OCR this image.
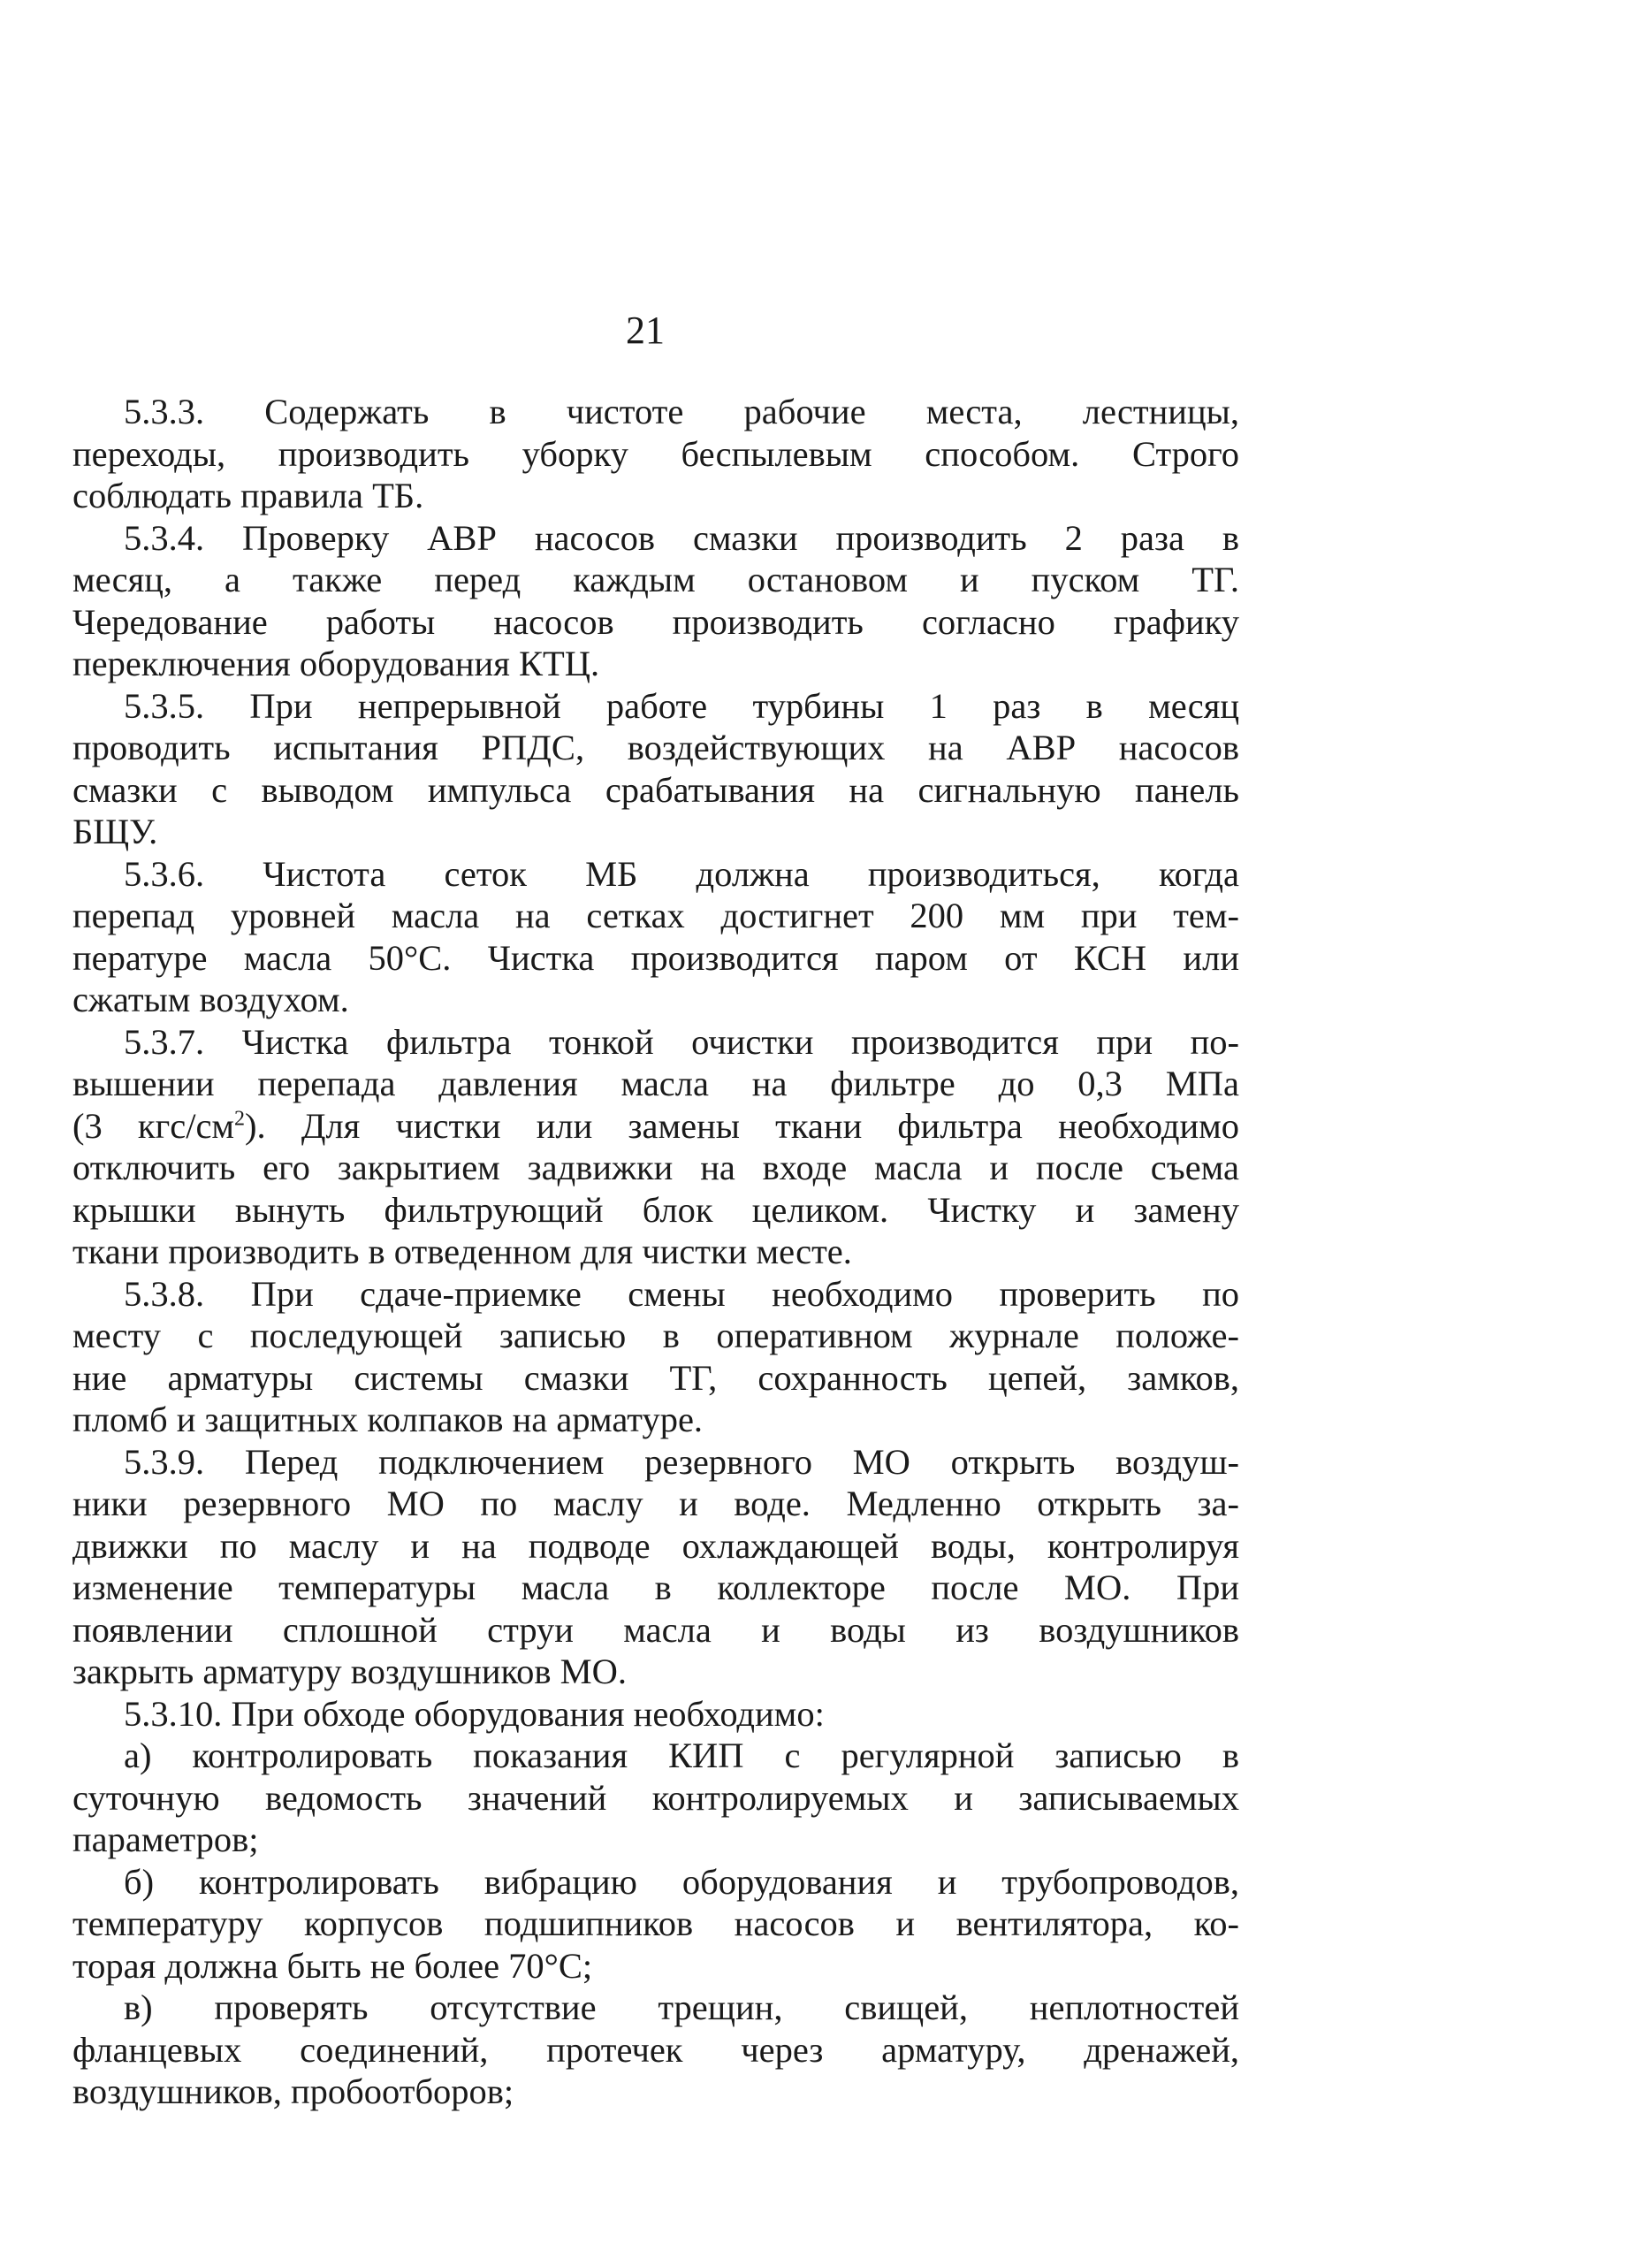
21
5.3.3. Содержать в чистоте рабочие места, лестницы,
переходы, производить уборку беспылевым способом. Строго
соблюдать правила ТБ.
5.3.4. Проверку АВР насосов смазки производить 2 раза в
месяц, а также перед каждым остановом и пуском ТГ.
Чередование работы насосов производить согласно графику
переключения оборудования КТЦ.
5.3.5. При непрерывной работе турбины 1 раз в месяц
проводить испытания РПДС, воздействующих на АВР насосов
смазки с выводом импульса срабатывания на сигнальную панель
БЩУ.
5.3.6. Чистота сеток МБ должна производиться, когда
перепад уровней масла на сетках достигнет 200 мм при тем-
пературе масла 50°С. Чистка производится паром от КСН или
сжатым воздухом.
5.3.7. Чистка фильтра тонкой очистки производится при по-
вышении перепада давления масла на фильтре до 0,3 МПа
(3 кгс/$см^2$). Для чистки или замены ткани фильтра необходимо
отключить его закрытием задвижки на входе масла и после съема
крышки вынуть фильтрующий блок целиком. Чистку и замену
ткани производить в отведенном для чистки месте.
5.3.8. При сдаче-приемке смены необходимо проверить по
месту с последующей записью в оперативном журнале положе-
ние арматуры системы смазки ТГ, сохранность цепей, замков,
пломб и защитных колпаков на арматуре.
5.3.9. Перед подключением резервного МО открыть воздуш-
ники резервного МО по маслу и воде. Медленно открыть за-
движки по маслу и на подводе охлаждающей воды, контролируя
изменение температуры масла в коллекторе после МО. При
появлении сплошной струи масла и воды из воздушников
закрыть арматуру воздушников МО.
5.3.10. При обходе оборудования необходимо:
а) контролировать показания КИП с регулярной записью в
суточную ведомость значений контролируемых и записываемых
параметров;
б) контролировать вибрацию оборудования и трубопроводов,
температуру корпусов подшипников насосов и вентилятора, ко-
торая должна быть не более 70°С;
в) проверять отсутствие трещин, свищей, неплотностей
фланцевых соединений, протечек через арматуру, дренажей,
воздушников, пробоотборов;
